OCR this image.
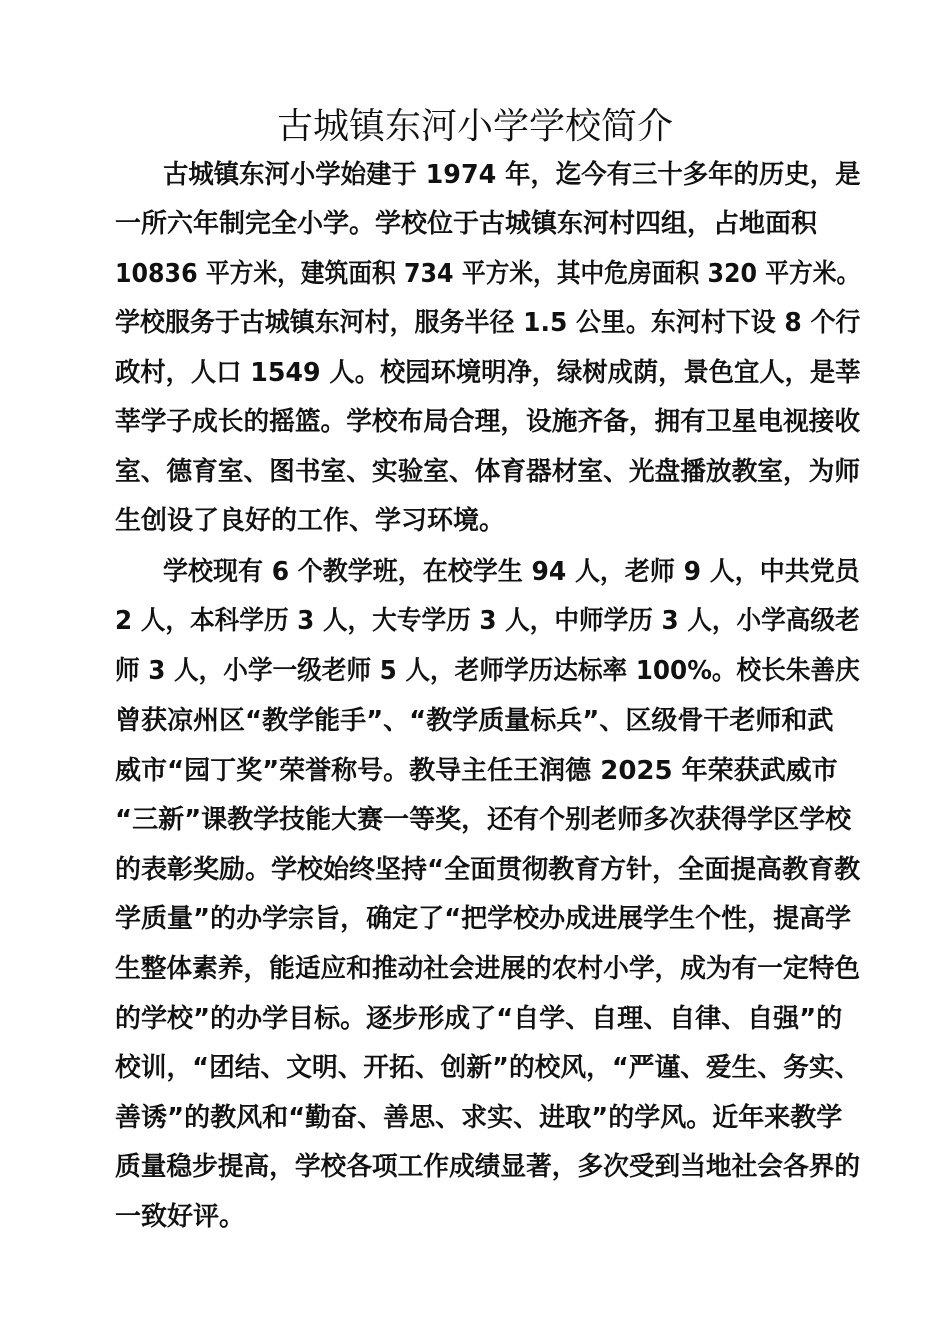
古城镇东河小学学校简介
古城镇东河小学始建于 1974 年，迄今有三十多年的历史，是
一所六年制完全小学。学校位于古城镇东河村四组，占地面积
10836 平方米，建筑面积 734 平方米，其中危房面积 320 平方米。
学校服务于古城镇东河村，服务半径 1.5 公里。东河村下设 8 个行
政村，人口 1549 人。校园环境明净，绿树成荫，景色宜人，是莘
莘学子成长的摇篮。学校布局合理，设施齐备，拥有卫星电视接收
室、德育室、图书室、实验室、体育器材室、光盘播放教室，为师
生创设了良好的工作、学习环境。
学校现有 6 个教学班，在校学生 94 人，老师 9 人，中共党员
2 人，本科学历 3 人，大专学历 3 人，中师学历 3 人，小学高级老
师 3 人，小学一级老师 5 人，老师学历达标率 100%。校长朱善庆
曾获凉州区“教学能手”、“教学质量标兵”、区级骨干老师和武
威市“园丁奖”荣誉称号。教导主任王润德 2025 年荣获武威市
“三新”课教学技能大赛一等奖，还有个别老师多次获得学区学校
的表彰奖励。学校始终坚持“全面贯彻教育方针，全面提高教育教
学质量”的办学宗旨，确定了“把学校办成进展学生个性，提高学
生整体素养，能适应和推动社会进展的农村小学，成为有一定特色
的学校”的办学目标。逐步形成了“自学、自理、自律、自强”的
校训，“团结、文明、开拓、创新”的校风，“严谨、爱生、务实、
善诱”的教风和“勤奋、善思、求实、进取”的学风。近年来教学
质量稳步提高，学校各项工作成绩显著，多次受到当地社会各界的
一致好评。
